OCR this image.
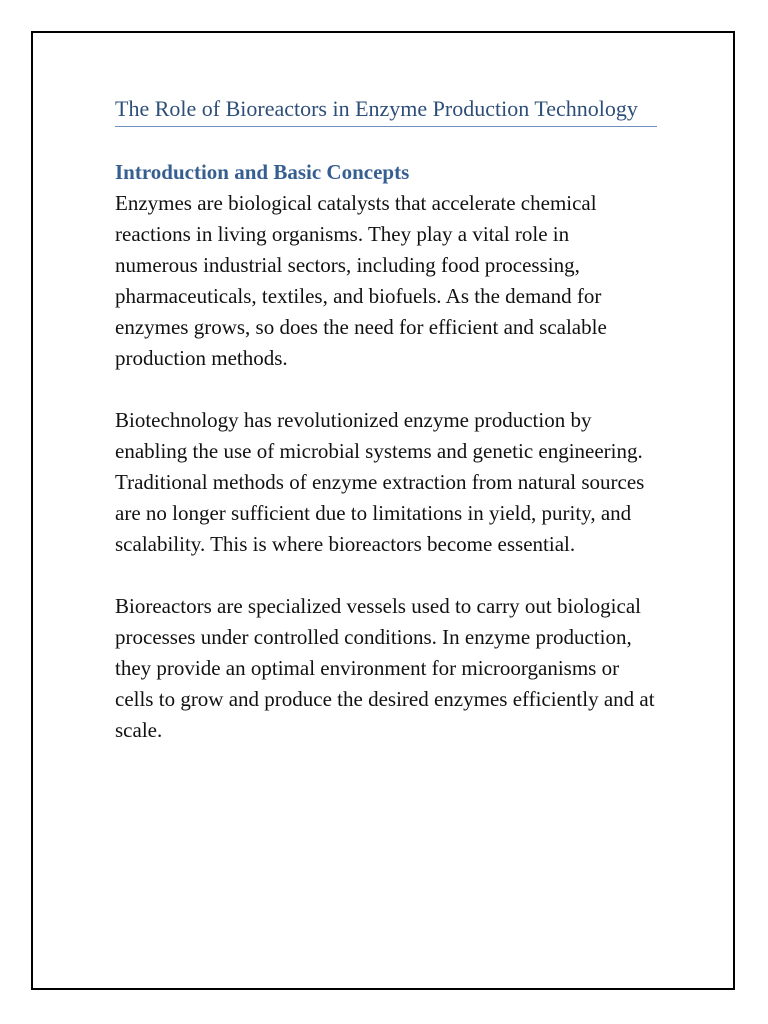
The Role of Bioreactors in Enzyme Production Technology
Introduction and Basic Concepts

Enzymes are biological catalysts that accelerate chemical reactions in living organisms. They play a vital role in numerous industrial sectors, including food processing, pharmaceuticals, textiles, and biofuels. As the demand for enzymes grows, so does the need for efficient and scalable production methods.

Biotechnology has revolutionized enzyme production by enabling the use of microbial systems and genetic engineering. Traditional methods of enzyme extraction from natural sources are no longer sufficient due to limitations in yield, purity, and scalability. This is where bioreactors become essential.

Bioreactors are specialized vessels used to carry out biological processes under controlled conditions. In enzyme production, they provide an optimal environment for microorganisms or cells to grow and produce the desired enzymes efficiently and at scale.
